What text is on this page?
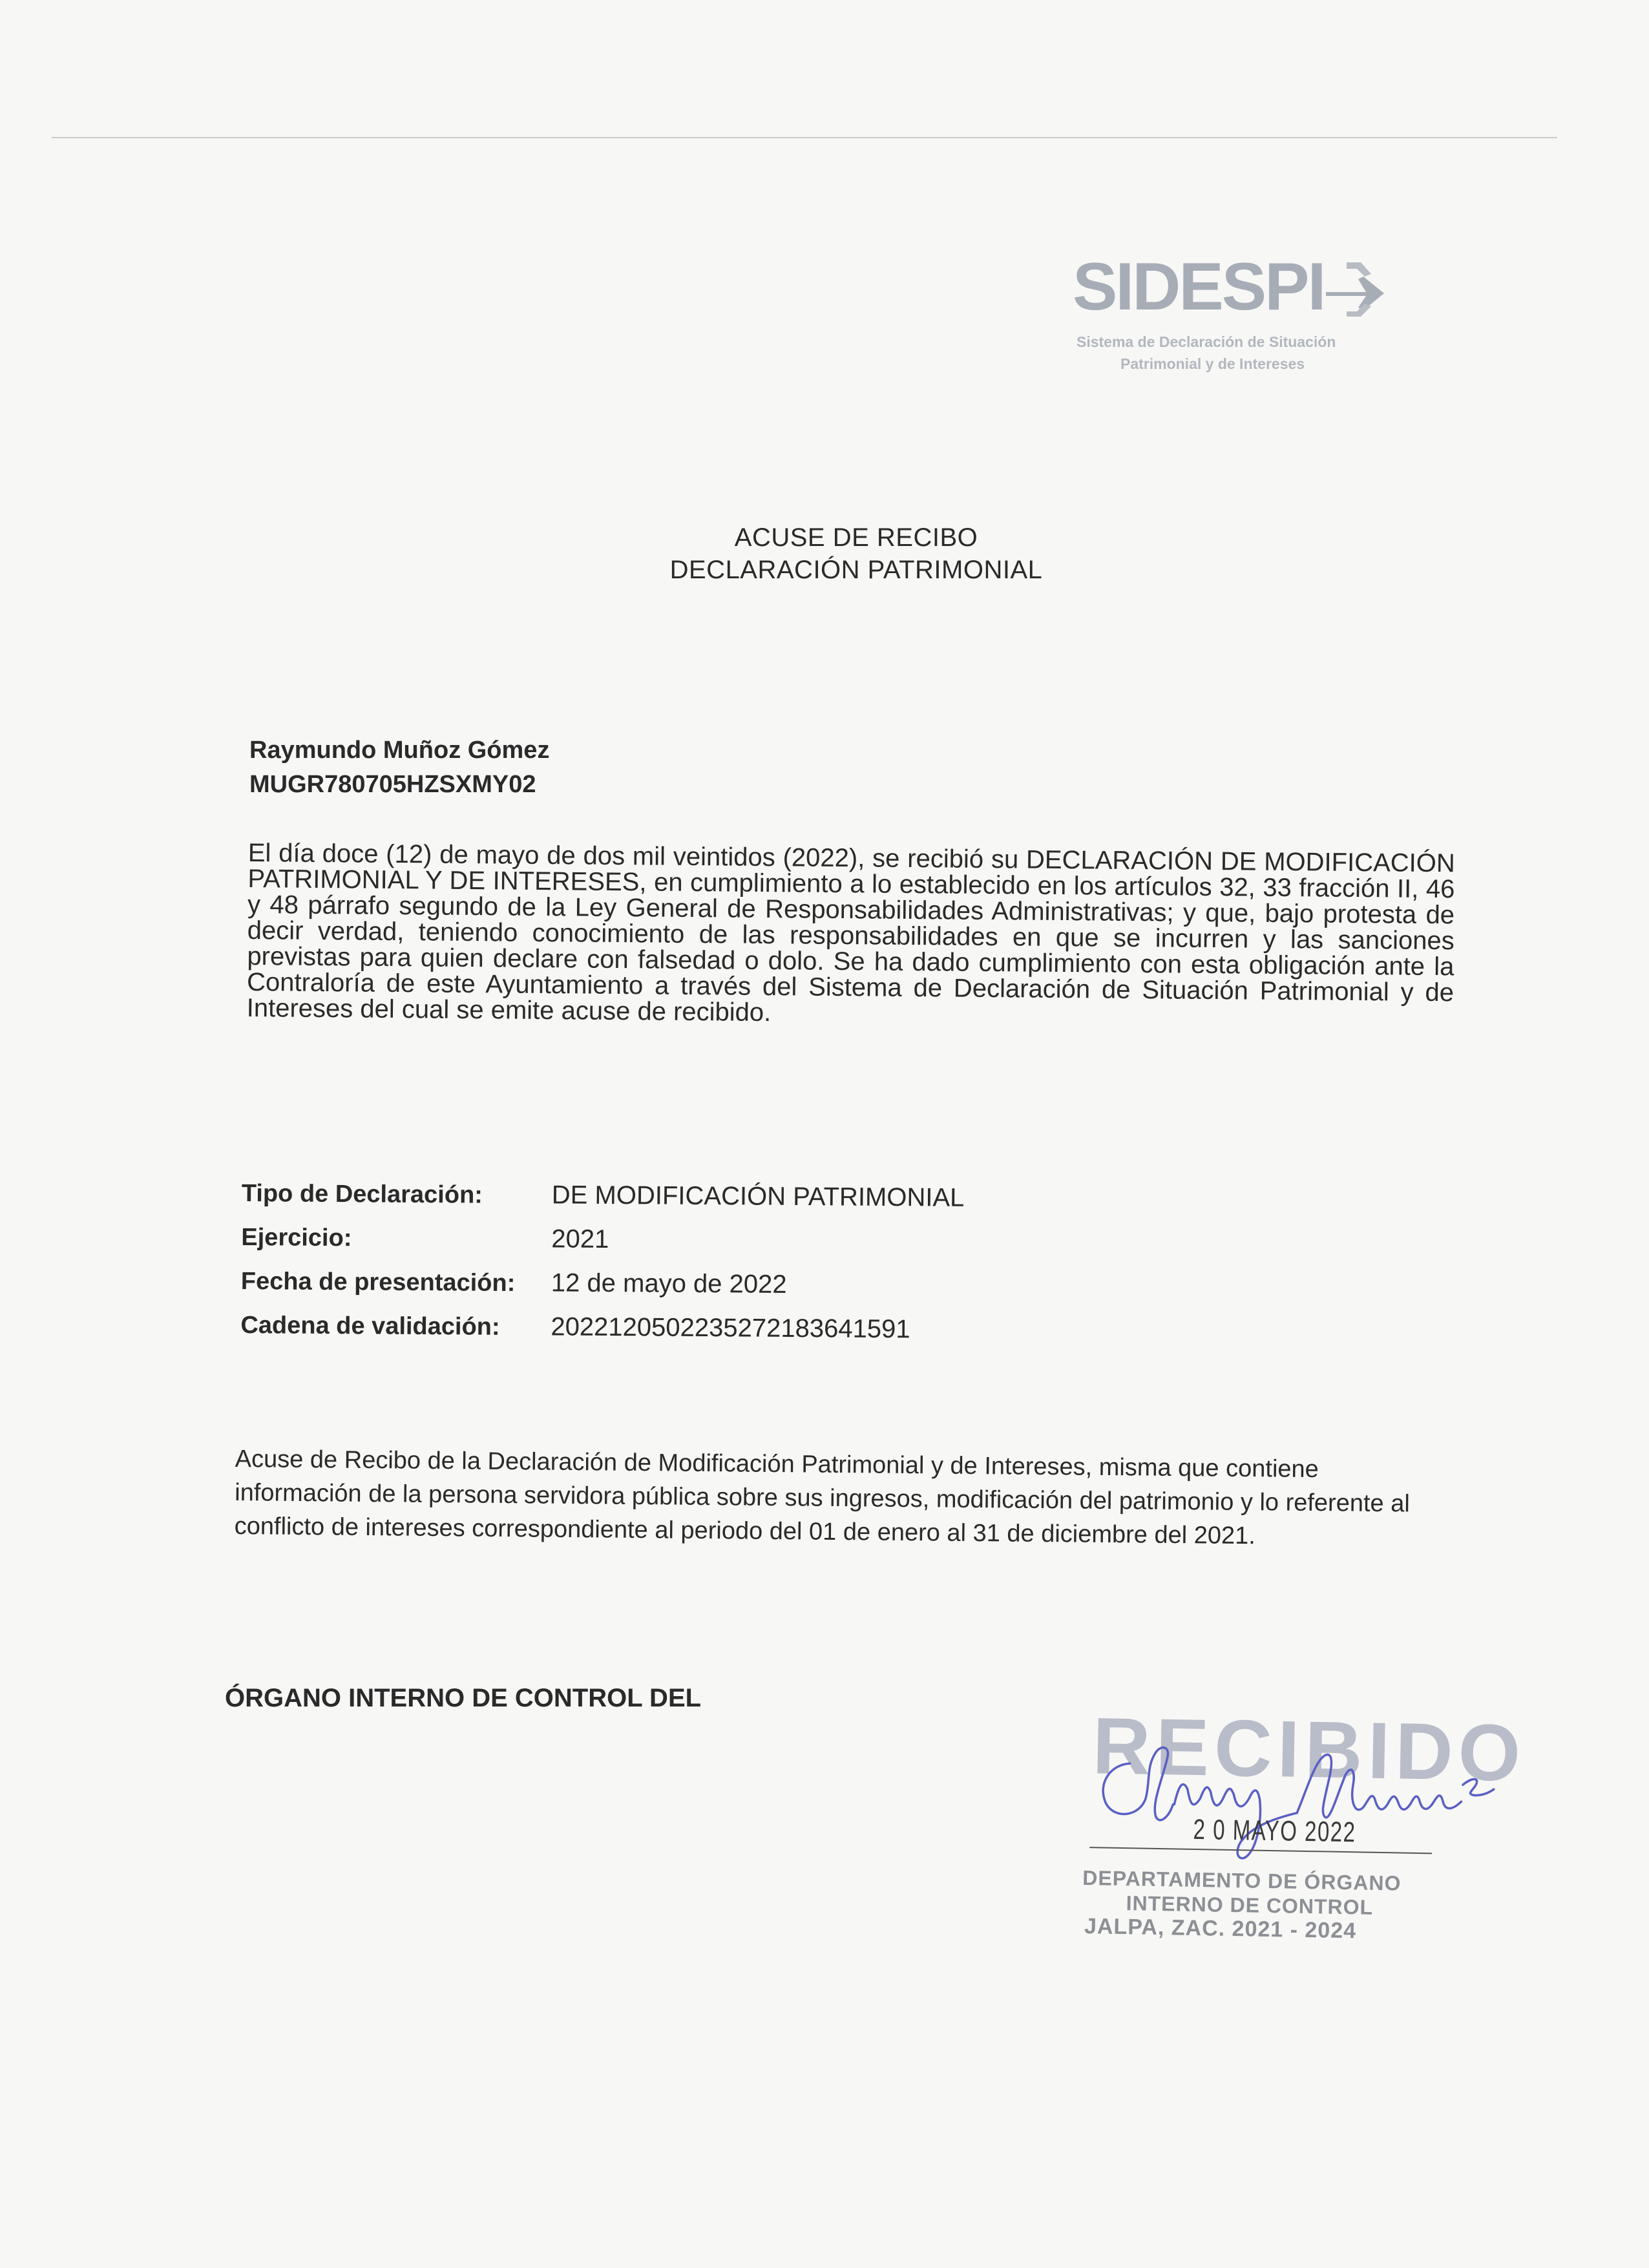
SIDESPI
Sistema de Declaración de Situación
Patrimonial y de Intereses
ACUSE DE RECIBO
DECLARACIÓN PATRIMONIAL
Raymundo Muñoz Gómez
MUGR780705HZSXMY02
El día doce (12) de mayo de dos mil veintidos (2022), se recibió su DECLARACIÓN DE MODIFICACIÓN PATRIMONIAL Y DE INTERESES, en cumplimiento a lo establecido en los artículos 32, 33 fracción II, 46 y 48 párrafo segundo de la Ley General de Responsabilidades Administrativas; y que, bajo protesta de decir verdad, teniendo conocimiento de las responsabilidades en que se incurren y las sanciones previstas para quien declare con falsedad o dolo. Se ha dado cumplimiento con esta obligación ante la Contraloría de este Ayuntamiento a través del Sistema de Declaración de Situación Patrimonial y de Intereses del cual se emite acuse de recibido.
Tipo de Declaración:	DE MODIFICACIÓN PATRIMONIAL
Ejercicio:	2021
Fecha de presentación:	12 de mayo de 2022
Cadena de validación:	20221205022352721836415​91
Acuse de Recibo de la Declaración de Modificación Patrimonial y de Intereses, misma que contiene información de la persona servidora pública sobre sus ingresos, modificación del patrimonio y lo referente al conflicto de intereses correspondiente al periodo del 01 de enero al 31 de diciembre del 2021.
ÓRGANO INTERNO DE CONTROL DEL
RECIBIDO
2 0 MAYO 2022
DEPARTAMENTO DE ÓRGANO
INTERNO DE CONTROL
JALPA, ZAC. 2021 - 2024
